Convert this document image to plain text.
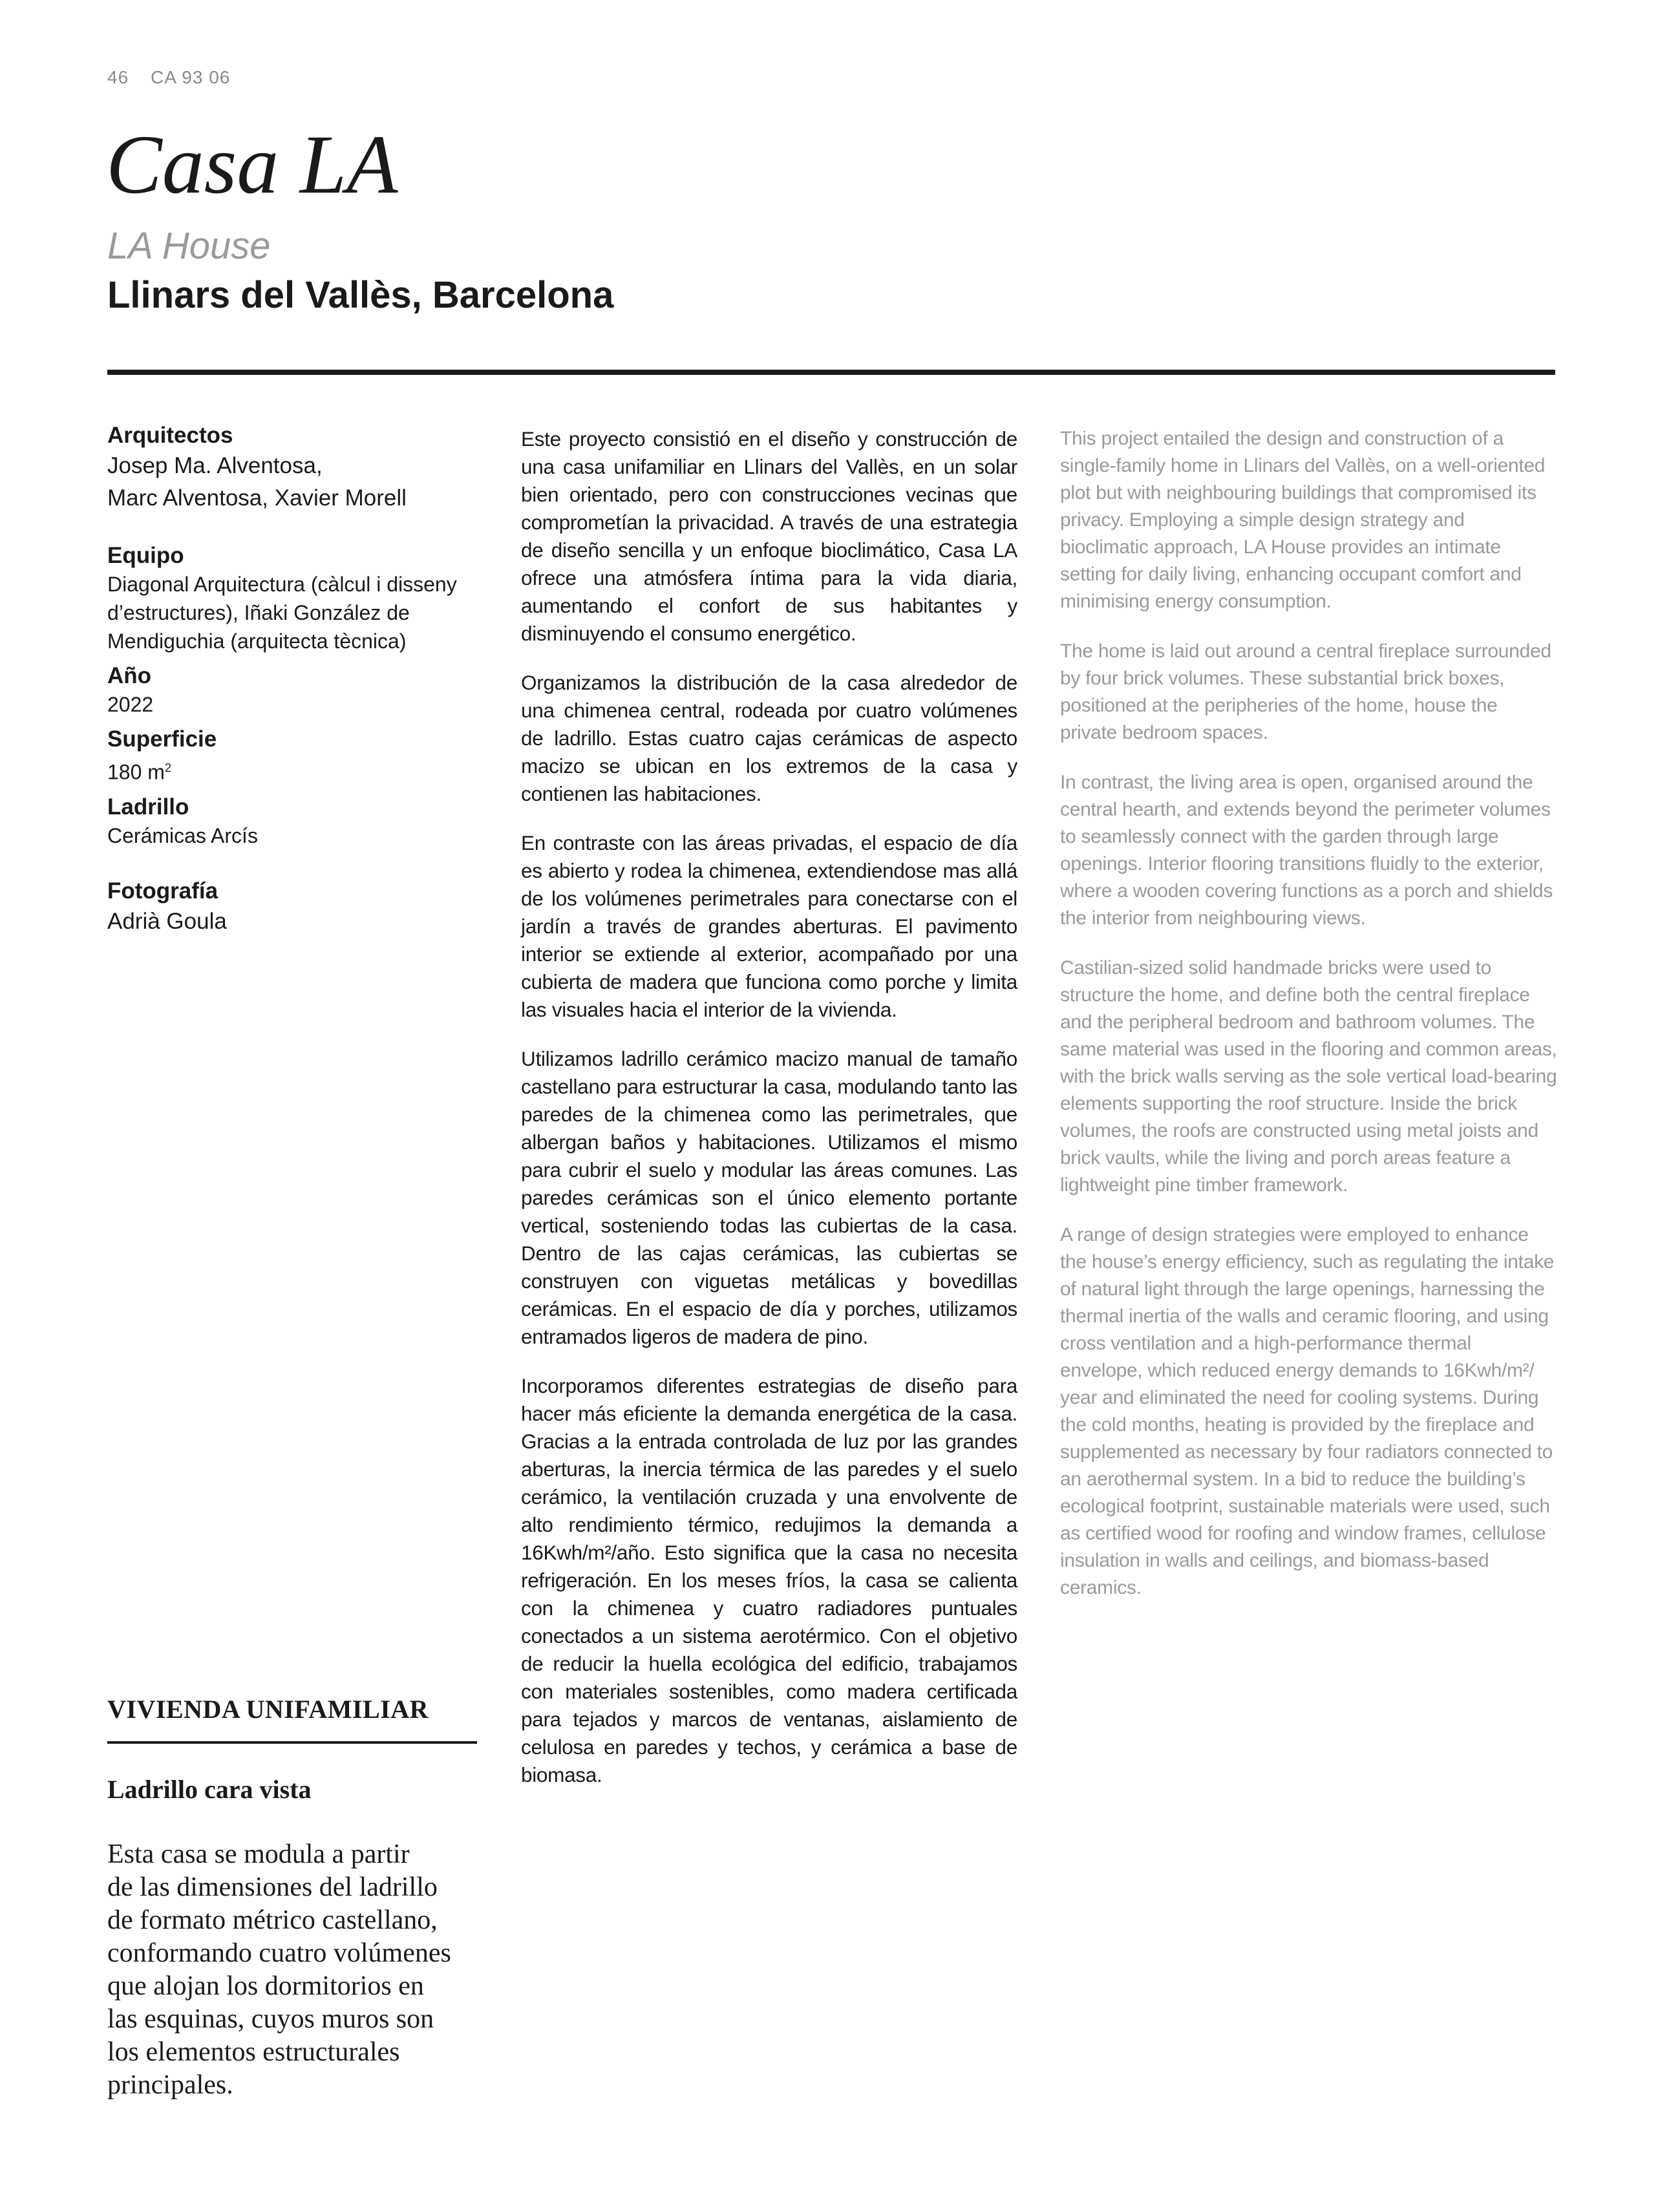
46 CA 93 06
Casa LA
LA House
Llinars del Vallès, Barcelona

Arquitectos

Josep Ma. Alventosa,

Marc Alventosa, Xavier Morell

Equipo

Diagonal Arquitectura (càlcul i disseny

d’estructures), Iñaki González de

Mendiguchia (arquitecta tècnica)

Año

2022

Superficie

180 $m^2$

Ladrillo

Cerámicas Arcís

Fotografía

Adrià Goula

VIVIENDA UNIFAMILIAR
Ladrillo cara vista
Esta casa se modula a partir
de las dimensiones del ladrillo
de formato métrico castellano,
conformando cuatro volúmenes
que alojan los dormitorios en
las esquinas, cuyos muros son
los elementos estructurales
principales.

Este proyecto consistió en el diseño y construcción de una casa unifamiliar en Llinars del Vallès, en un solar bien orientado, pero con construcciones vecinas que comprometían la privacidad. A través de una estrategia de diseño sencilla y un enfoque bioclimático, Casa LA ofrece una atmósfera íntima para la vida diaria, aumentando el confort de sus habitantes y disminuyendo el consumo energético.

Organizamos la distribución de la casa alrededor de una chimenea central, rodeada por cuatro volúmenes de ladrillo. Estas cuatro cajas cerámicas de aspecto macizo se ubican en los extremos de la casa y contienen las habitaciones.

En contraste con las áreas privadas, el espacio de día es abierto y rodea la chimenea, extendiendose mas allá de los volúmenes perimetrales para conectarse con el jardín a través de grandes aberturas. El pavimento interior se extiende al exterior, acompañado por una cubierta de madera que funciona como porche y limita las visuales hacia el interior de la vivienda.

Utilizamos ladrillo cerámico macizo manual de tamaño castellano para estructurar la casa, modulando tanto las paredes de la chimenea como las perimetrales, que albergan baños y habitaciones. Utilizamos el mismo para cubrir el suelo y modular las áreas comunes. Las paredes cerámicas son el único elemento portante vertical, sosteniendo todas las cubiertas de la casa. Dentro de las cajas cerámicas, las cubiertas se construyen con viguetas metálicas y bovedillas cerámicas. En el espacio de día y porches, utilizamos entramados ligeros de madera de pino.

Incorporamos diferentes estrategias de diseño para hacer más eficiente la demanda energética de la casa. Gracias a la entrada controlada de luz por las grandes aberturas, la inercia térmica de las paredes y el suelo cerámico, la ventilación cruzada y una envolvente de alto rendimiento térmico, redujimos la demanda a 16Kwh/m²/año. Esto significa que la casa no necesita refrigeración. En los meses fríos, la casa se calienta con la chimenea y cuatro radiadores puntuales conectados a un sistema aerotérmico. Con el objetivo de reducir la huella ecológica del edificio, trabajamos con materiales sostenibles, como madera certificada para tejados y marcos de ventanas, aislamiento de celulosa en paredes y techos, y cerámica a base de biomasa.

This project entailed the design and construction of a single-family home in Llinars del Vallès, on a well-oriented plot but with neighbouring buildings that compromised its privacy. Employing a simple design strategy and bioclimatic approach, LA House provides an intimate setting for daily living, enhancing occupant comfort and minimising energy consumption.

The home is laid out around a central fireplace surrounded by four brick volumes. These substantial brick boxes, positioned at the peripheries of the home, house the private bedroom spaces.

In contrast, the living area is open, organised around the central hearth, and extends beyond the perimeter volumes to seamlessly connect with the garden through large openings. Interior flooring transitions fluidly to the exterior, where a wooden covering functions as a porch and shields the interior from neighbouring views.

Castilian-sized solid handmade bricks were used to structure the home, and define both the central fireplace and the peripheral bedroom and bathroom volumes. The same material was used in the flooring and common areas, with the brick walls serving as the sole vertical load-bearing elements supporting the roof structure. Inside the brick volumes, the roofs are constructed using metal joists and brick vaults, while the living and porch areas feature a lightweight pine timber framework.

A range of design strategies were employed to enhance the house’s energy efficiency, such as regulating the intake of natural light through the large openings, harnessing the thermal inertia of the walls and ceramic flooring, and using cross ventilation and a high-performance thermal envelope, which reduced energy demands to 16Kwh/m²/ year and eliminated the need for cooling systems. During the cold months, heating is provided by the fireplace and supplemented as necessary by four radiators connected to an aerothermal system. In a bid to reduce the building’s ecological footprint, sustainable materials were used, such as certified wood for roofing and window frames, cellulose insulation in walls and ceilings, and biomass-based ceramics.
